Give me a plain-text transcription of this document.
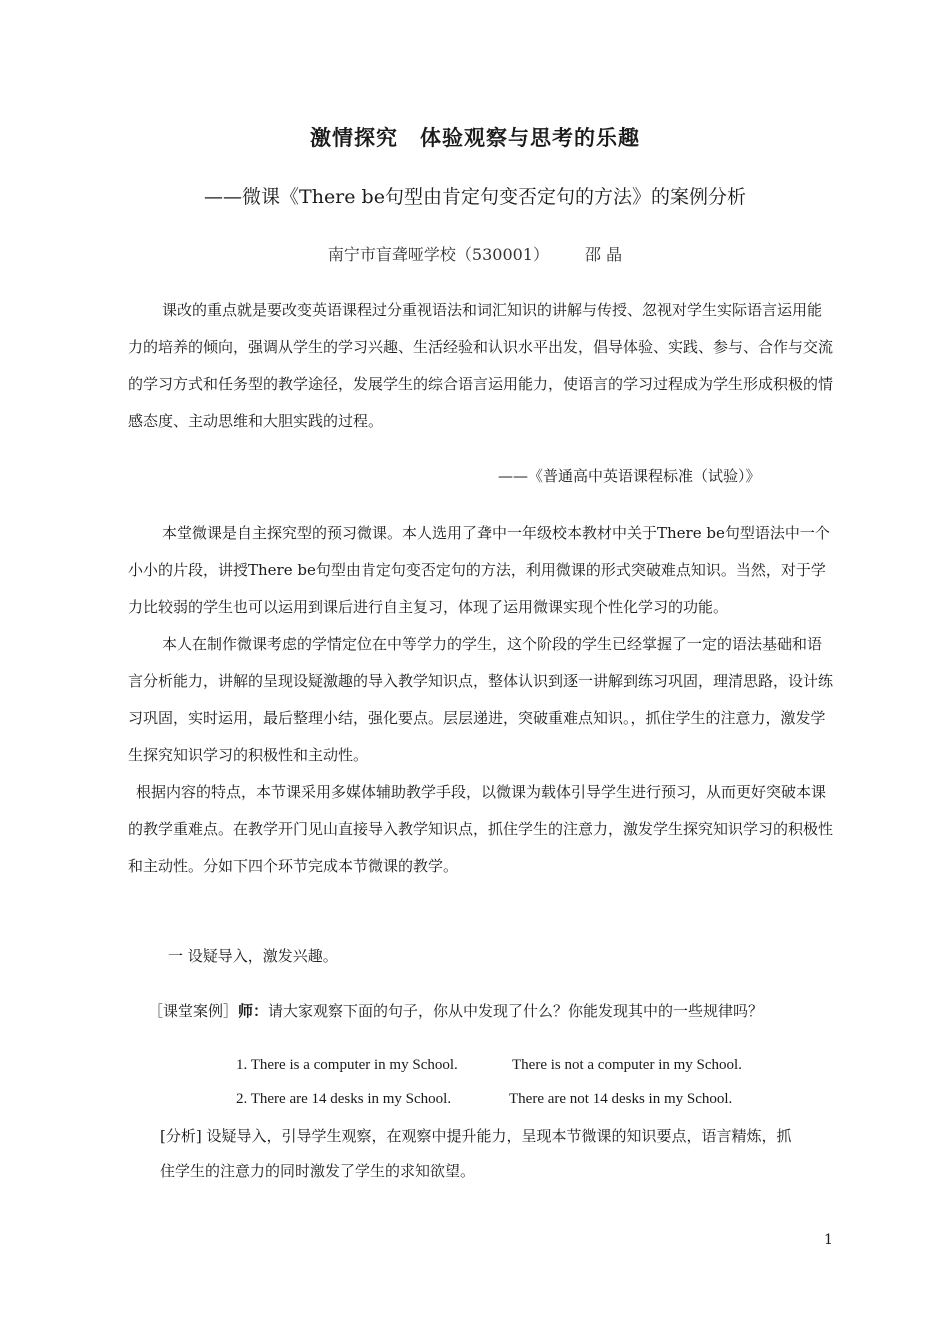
激情探究　体验观察与思考的乐趣
——微课《There be句型由肯定句变否定句的方法》的案例分析
南宁市盲聋哑学校（530001） 邵 晶

课改的重点就是要改变英语课程过分重视语法和词汇知识的讲解与传授、忽视对学生实际语言运用能力的培养的倾向，强调从学生的学习兴趣、生活经验和认识水平出发，倡导体验、实践、参与、合作与交流的学习方式和任务型的教学途径，发展学生的综合语言运用能力，使语言的学习过程成为学生形成积极的情感态度、主动思维和大胆实践的过程。

——《普通高中英语课程标准（试验）》

本堂微课是自主探究型的预习微课。本人选用了聋中一年级校本教材中关于There be句型语法中一个小小的片段，讲授There be句型由肯定句变否定句的方法，利用微课的形式突破难点知识。当然，对于学力比较弱的学生也可以运用到课后进行自主复习，体现了运用微课实现个性化学习的功能。

本人在制作微课考虑的学情定位在中等学力的学生，这个阶段的学生已经掌握了一定的语法基础和语言分析能力，讲解的呈现设疑激趣的导入教学知识点，整体认识到逐一讲解到练习巩固，理清思路，设计练习巩固，实时运用，最后整理小结，强化要点。层层递进，突破重难点知识。，抓住学生的注意力，激发学生探究知识学习的积极性和主动性。

根据内容的特点，本节课采用多媒体辅助教学手段，以微课为载体引导学生进行预习，从而更好突破本课的教学重难点。在教学开门见山直接导入教学知识点，抓住学生的注意力，激发学生探究知识学习的积极性和主动性。分如下四个环节完成本节微课的教学。

一 设疑导入，激发兴趣。
［课堂案例］师：请大家观察下面的句子，你从中发现了什么？你能发现其中的一些规律吗？
1. There is a computer in my School.	There is not a computer in my School.
2. There are 14 desks in my School.	There are not 14 desks in my School.
[分析] 设疑导入，引导学生观察，在观察中提升能力，呈现本节微课的知识要点，语言精炼，抓
住学生的注意力的同时激发了学生的求知欲望。
1
